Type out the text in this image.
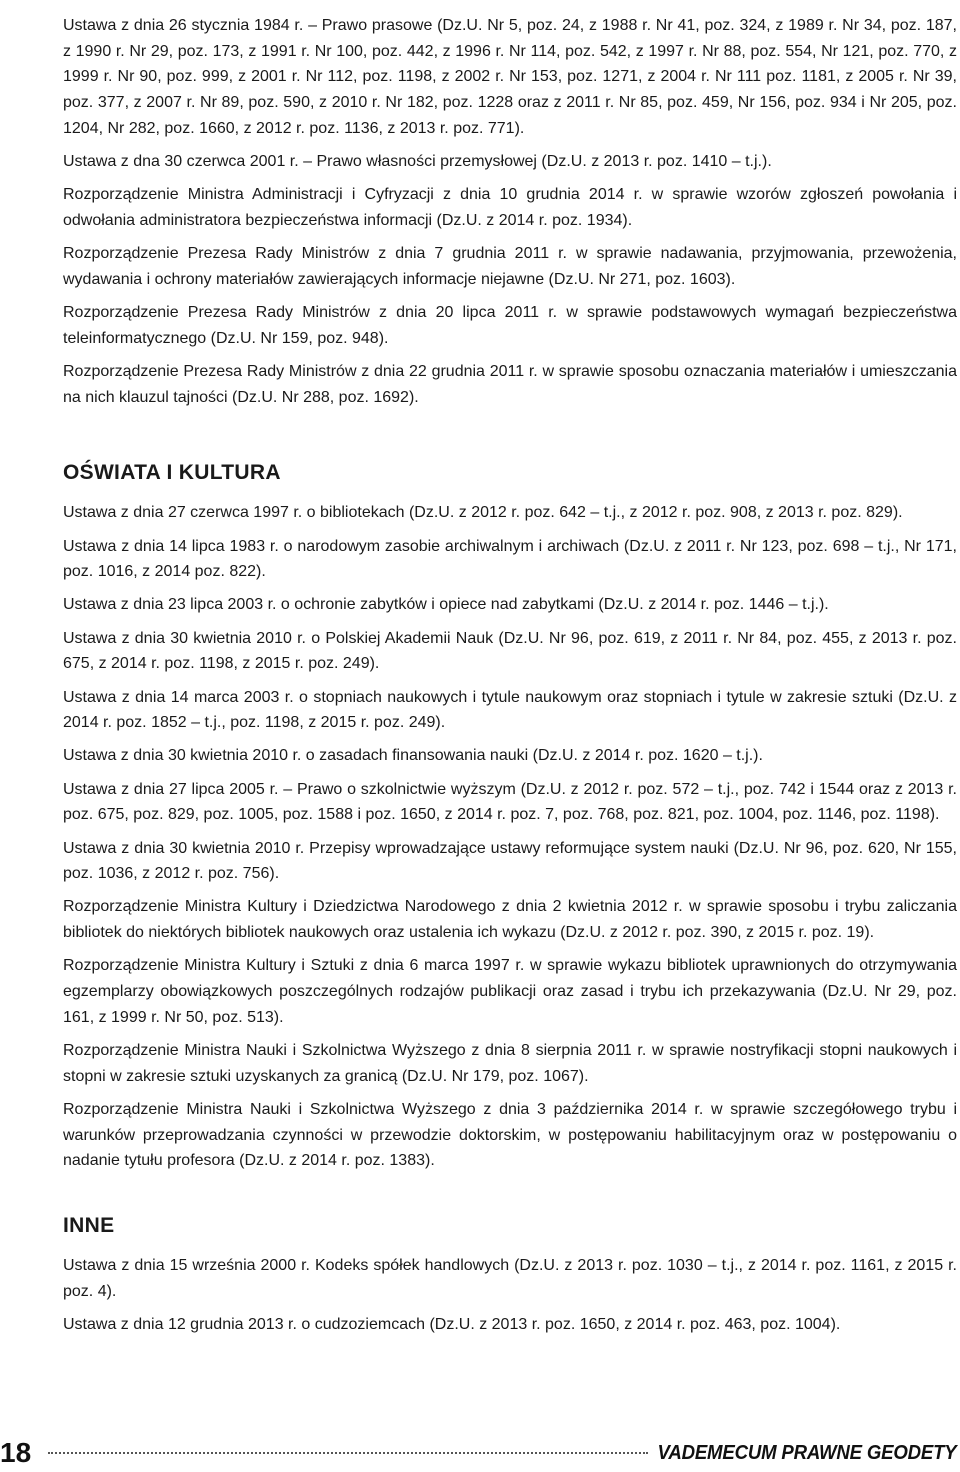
Ustawa z dnia 26 stycznia 1984 r. – Prawo prasowe (Dz.U. Nr 5, poz. 24, z 1988 r. Nr 41, poz. 324, z 1989 r. Nr 34, poz. 187, z 1990 r. Nr 29, poz. 173, z 1991 r. Nr 100, poz. 442, z 1996 r. Nr 114, poz. 542, z 1997 r. Nr 88, poz. 554, Nr 121, poz. 770, z 1999 r. Nr 90, poz. 999, z 2001 r. Nr 112, poz. 1198, z 2002 r. Nr 153, poz. 1271, z 2004 r. Nr 111 poz. 1181, z 2005 r. Nr 39, poz. 377, z 2007 r. Nr 89, poz. 590, z 2010 r. Nr 182, poz. 1228 oraz z 2011 r. Nr 85, poz. 459, Nr 156, poz. 934 i Nr 205, poz. 1204, Nr 282, poz. 1660, z 2012 r. poz. 1136, z 2013 r. poz. 771).

Ustawa z dna 30 czerwca 2001 r. – Prawo własności przemysłowej (Dz.U. z 2013 r. poz. 1410 – t.j.).

Rozporządzenie Ministra Administracji i Cyfryzacji z dnia 10 grudnia 2014 r. w sprawie wzorów zgłoszeń powołania i odwołania administratora bezpieczeństwa informacji (Dz.U. z 2014 r. poz. 1934).

Rozporządzenie Prezesa Rady Ministrów z dnia 7 grudnia 2011 r. w sprawie nadawania, przyjmowania, przewożenia, wydawania i ochrony materiałów zawierających informacje niejawne (Dz.U. Nr 271, poz. 1603).

Rozporządzenie Prezesa Rady Ministrów z dnia 20 lipca 2011 r. w sprawie podstawowych wymagań bezpieczeństwa teleinformatycznego (Dz.U. Nr 159, poz. 948).

Rozporządzenie Prezesa Rady Ministrów z dnia 22 grudnia 2011 r. w sprawie sposobu oznaczania materiałów i umieszczania na nich klauzul tajności (Dz.U. Nr 288, poz. 1692).

OŚWIATA I KULTURA

Ustawa z dnia 27 czerwca 1997 r. o bibliotekach (Dz.U. z 2012 r. poz. 642 – t.j., z 2012 r. poz. 908, z 2013 r. poz. 829).

Ustawa z dnia 14 lipca 1983 r. o narodowym zasobie archiwalnym i archiwach (Dz.U. z 2011 r. Nr 123, poz. 698 – t.j., Nr 171, poz. 1016, z 2014 poz. 822).

Ustawa z dnia 23 lipca 2003 r. o ochronie zabytków i opiece nad zabytkami (Dz.U. z 2014 r. poz. 1446 – t.j.).

Ustawa z dnia 30 kwietnia 2010 r. o Polskiej Akademii Nauk (Dz.U. Nr 96, poz. 619, z 2011 r. Nr 84, poz. 455, z 2013 r. poz. 675, z 2014 r. poz. 1198, z 2015 r. poz. 249).

Ustawa z dnia 14 marca 2003 r. o stopniach naukowych i tytule naukowym oraz stopniach i tytule w zakresie sztuki (Dz.U. z 2014 r. poz. 1852 – t.j., poz. 1198, z 2015 r. poz. 249).

Ustawa z dnia 30 kwietnia 2010 r. o zasadach finansowania nauki (Dz.U. z 2014 r. poz. 1620 – t.j.).

Ustawa z dnia 27 lipca 2005 r. – Prawo o szkolnictwie wyższym (Dz.U. z 2012 r. poz. 572 – t.j., poz. 742 i 1544 oraz z 2013 r. poz. 675, poz. 829, poz. 1005, poz. 1588 i poz. 1650, z 2014 r. poz. 7, poz. 768, poz. 821, poz. 1004, poz. 1146, poz. 1198).

Ustawa z dnia 30 kwietnia 2010 r. Przepisy wprowadzające ustawy reformujące system nauki (Dz.U. Nr 96, poz. 620, Nr 155, poz. 1036, z 2012 r. poz. 756).

Rozporządzenie Ministra Kultury i Dziedzictwa Narodowego z dnia 2 kwietnia 2012 r. w sprawie sposobu i trybu zaliczania bibliotek do niektórych bibliotek naukowych oraz ustalenia ich wykazu (Dz.U. z 2012 r. poz. 390, z 2015 r. poz. 19).

Rozporządzenie Ministra Kultury i Sztuki z dnia 6 marca 1997 r. w sprawie wykazu bibliotek uprawnionych do otrzymywania egzemplarzy obowiązkowych poszczególnych rodzajów publikacji oraz zasad i trybu ich przekazywania (Dz.U. Nr 29, poz. 161, z 1999 r. Nr 50, poz. 513).

Rozporządzenie Ministra Nauki i Szkolnictwa Wyższego z dnia 8 sierpnia 2011 r. w sprawie nostryfikacji stopni naukowych i stopni w zakresie sztuki uzyskanych za granicą (Dz.U. Nr 179, poz. 1067).

Rozporządzenie Ministra Nauki i Szkolnictwa Wyższego z dnia 3 października 2014 r. w sprawie szczegółowego trybu i warunków przeprowadzania czynności w przewodzie doktorskim, w postępowaniu habilitacyjnym oraz w postępowaniu o nadanie tytułu profesora (Dz.U. z 2014 r. poz. 1383).

INNE

Ustawa z dnia 15 września 2000 r. Kodeks spółek handlowych (Dz.U. z 2013 r. poz. 1030 – t.j., z 2014 r. poz. 1161, z 2015 r. poz. 4).

Ustawa z dnia 12 grudnia 2013 r. o cudzoziemcach (Dz.U. z 2013 r. poz. 1650, z 2014 r. poz. 463, poz. 1004).

18	VADEMECUM PRAWNE GEODETY
